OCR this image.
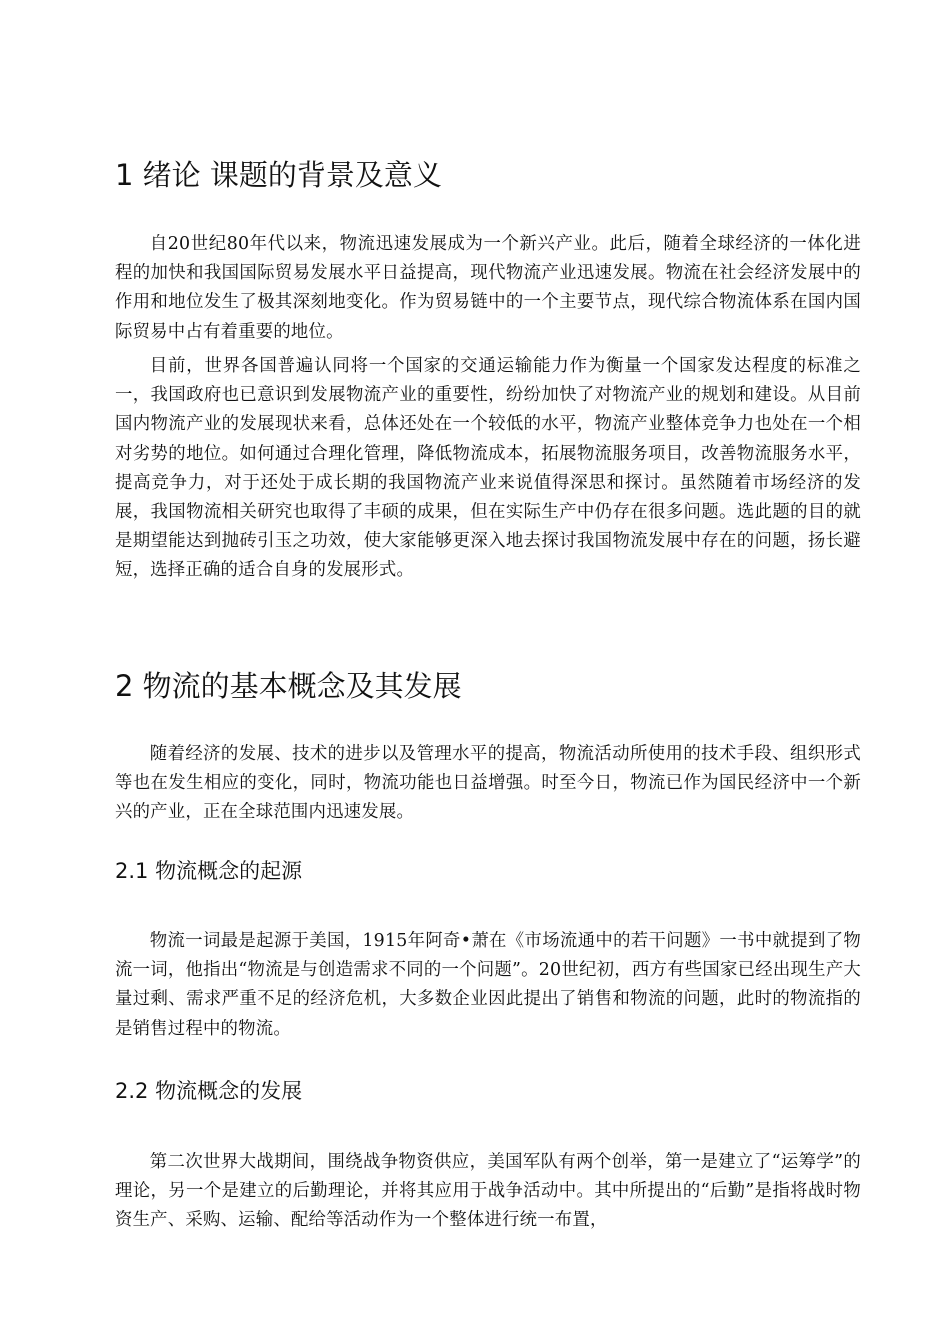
1 绪论 课题的背景及意义

自20世纪80年代以来，物流迅速发展成为一个新兴产业。此后，随着全球经济的一体化进程的加快和我国国际贸易发展水平日益提高，现代物流产业迅速发展。物流在社会经济发展中的作用和地位发生了极其深刻地变化。作为贸易链中的一个主要节点，现代综合物流体系在国内国际贸易中占有着重要的地位。

目前，世界各国普遍认同将一个国家的交通运输能力作为衡量一个国家发达程度的标准之一，我国政府也已意识到发展物流产业的重要性，纷纷加快了对物流产业的规划和建设。从目前国内物流产业的发展现状来看，总体还处在一个较低的水平，物流产业整体竞争力也处在一个相对劣势的地位。如何通过合理化管理，降低物流成本，拓展物流服务项目，改善物流服务水平，提高竞争力，对于还处于成长期的我国物流产业来说值得深思和探讨。虽然随着市场经济的发展，我国物流相关研究也取得了丰硕的成果，但在实际生产中仍存在很多问题。选此题的目的就是期望能达到抛砖引玉之功效，使大家能够更深入地去探讨我国物流发展中存在的问题，扬长避短，选择正确的适合自身的发展形式。

2 物流的基本概念及其发展

随着经济的发展、技术的进步以及管理水平的提高，物流活动所使用的技术手段、组织形式等也在发生相应的变化，同时，物流功能也日益增强。时至今日，物流已作为国民经济中一个新兴的产业，正在全球范围内迅速发展。

2.1 物流概念的起源

物流一词最是起源于美国，1915年阿奇•萧在《市场流通中的若干问题》一书中就提到了物流一词，他指出“物流是与创造需求不同的一个问题”。20世纪初，西方有些国家已经出现生产大量过剩、需求严重不足的经济危机，大多数企业因此提出了销售和物流的问题，此时的物流指的是销售过程中的物流。

2.2 物流概念的发展

第二次世界大战期间，围绕战争物资供应，美国军队有两个创举，第一是建立了“运筹学”的理论，另一个是建立的后勤理论，并将其应用于战争活动中。其中所提出的“后勤”是指将战时物资生产、采购、运输、配给等活动作为一个整体进行统一布置，
